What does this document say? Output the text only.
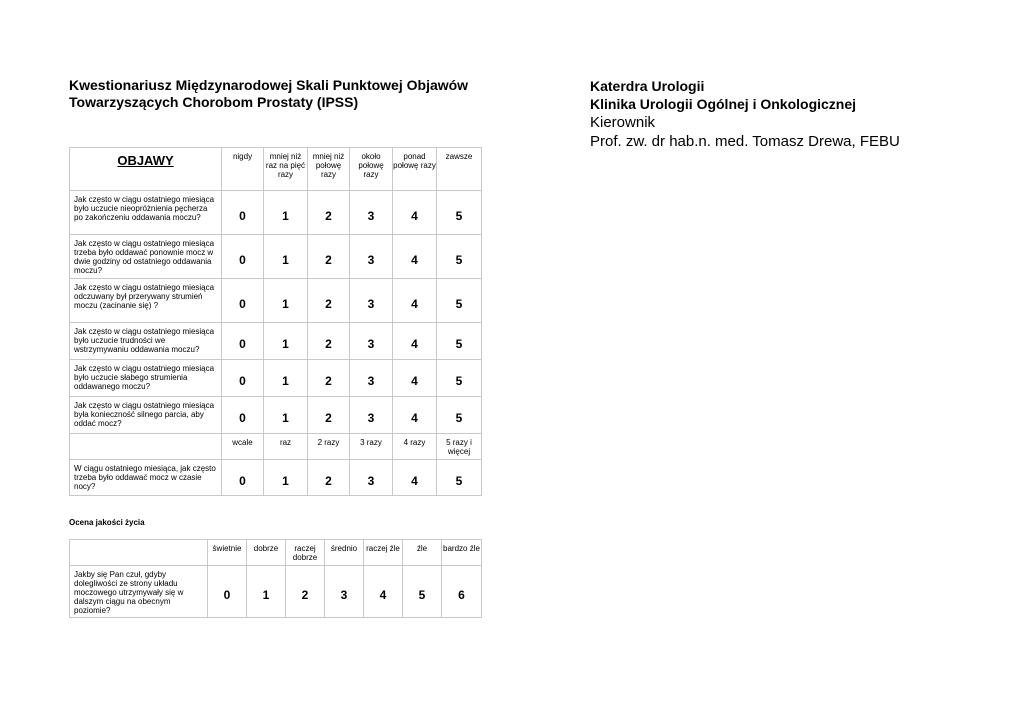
Kwestionariusz Międzynarodowej Skali Punktowej Objawów
Towarzyszących Chorobom Prostaty (IPSS)
Katerdra Urologii
Klinika Urologii Ogólnej i Onkologicznej
Kierownik
Prof. zw. dr hab.n. med. Tomasz Drewa, FEBU
OBJAWY	nigdy	mniej niż raz na pięć razy	mniej niż połowę razy	około połowę razy	ponad połowę razy	zawsze
Jak często w ciągu ostatniego miesiąca było uczucie nieopróżnienia pęcherza po zakończeniu oddawania moczu?	0	1	2	3	4	5
Jak często w ciągu ostatniego miesiąca trzeba było oddawać ponownie mocz w dwie godziny od ostatniego oddawania moczu?	0	1	2	3	4	5
Jak często w ciągu ostatniego miesiąca odczuwany był przerywany strumień moczu (zacinanie się) ?	0	1	2	3	4	5
Jak często w ciągu ostatniego miesiąca było uczucie trudności we wstrzymywaniu oddawania moczu?	0	1	2	3	4	5
Jak często w ciągu ostatniego miesiąca było uczucie słabego strumienia oddawanego moczu?	0	1	2	3	4	5
Jak często w ciągu ostatniego miesiąca była konieczność silnego parcia, aby oddać mocz?	0	1	2	3	4	5
	wcale	raz	2 razy	3 razy	4 razy	5 razy i więcej
W ciągu ostatniego miesiąca, jak często trzeba było oddawać mocz w czasie nocy?	0	1	2	3	4	5
Ocena jakości życia
	świetnie	dobrze	raczej dobrze	średnio	raczej źle	źle	bardzo źle
Jakby się Pan czuł, gdyby dolegliwości ze strony układu moczowego utrzymywały się w dalszym ciągu na obecnym poziomie?	0	1	2	3	4	5	6
